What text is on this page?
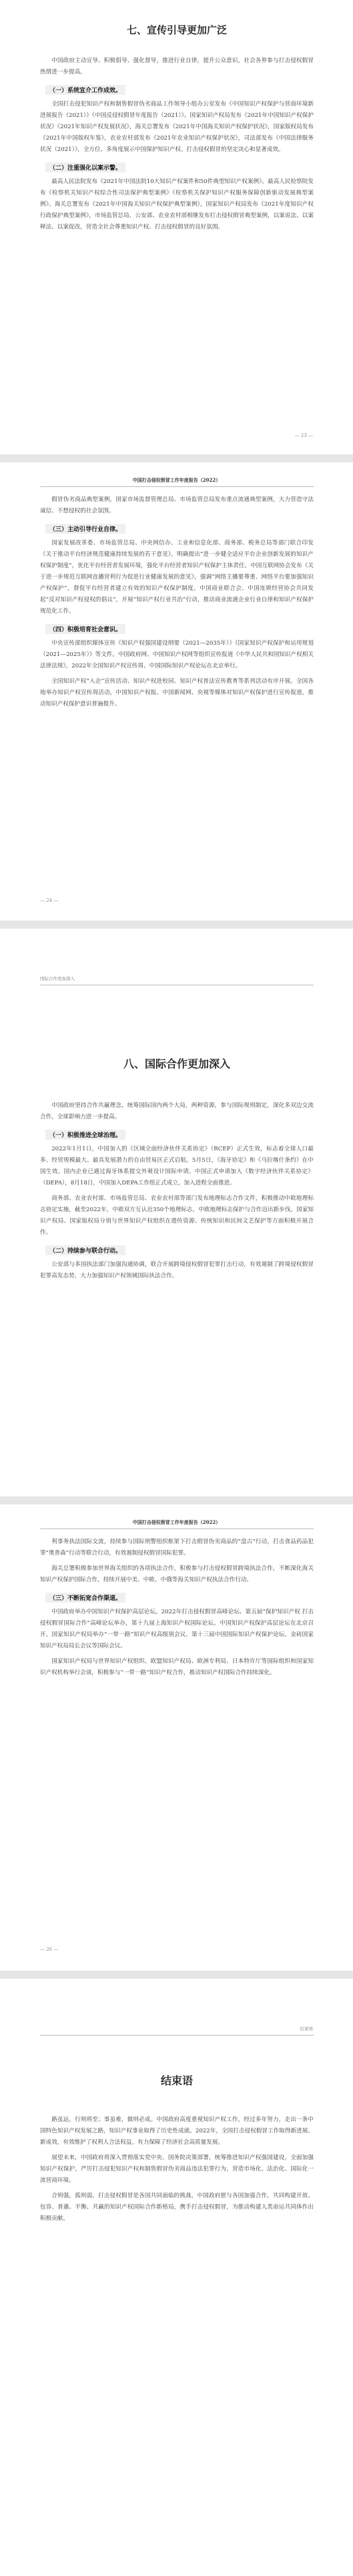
七、宣传引导更加广泛

中国政府主动宣导、积极倡导、强化督导，推进行业自律，提升公众意识，社会各界参与打击侵权假冒热情进一步提高。

（一）系统宣介工作成效。

全国打击侵犯知识产权和制售假冒伪劣商品工作领导小组办公室发布《中国知识产权保护与营商环境新进展报告（2021）》《中国反侵权假冒年度报告（2021）》。国家知识产权局发布《2021年中国知识产权保护状况》《2021年知识产权发展状况》，海关总署发布《2021年中国海关知识产权保护状况》，国家版权局发布《2021年中国版权年鉴》，农业农村部发布《2021年农业知识产权保护状况》，司法部发布《中国法律服务状况（2021）》，全方位、多角度展示中国保护知识产权、打击侵权假冒的坚定决心和显著成效。

（二）注重强化以案示警。

最高人民法院发布《2021年中国法院10大知识产权案件和50件典型知识产权案例》。最高人民检察院发布《检察机关知识产权综合性司法保护典型案例》《检察机关保护知识产权服务保障创新驱动发展典型案例》。海关总署发布《2021年中国海关知识产权保护典型案例》，国家知识产权局发布《2021年度知识产权行政保护典型案例》，市场监管总局、公安部、农业农村部相继发布打击侵权假冒典型案例，以案说法、以案释法、以案促改，营造全社会尊重知识产权、打击侵权假冒的良好氛围。

— 23 —
中国打击侵权假冒工作年度报告（2022）

假冒伪劣商品典型案例，国家市场监督管理总局、市场监管总局发布重点流通典型案例，大力营造守法诚信、不想侵权的社会氛围。

（三）主动引导行业自律。

国家发展改革委、市场监管总局、中央网信办、工业和信息化部、商务部、税务总局等部门联合印发《关于推动平台经济规范健康持续发展的若干意见》，明确提出“进一步健全适应平台企业创新发展的知识产权保护制度”，优化平台经营者发展环境，强化平台经营者知识产权保护主体责任。中国互联网协会发布《关于进一步规范互联网直播营利行为促进行业健康发展的意见》，强调“网络主播要尊重、网络平台要加强知识产权保护”，督促平台经营者建立有效的知识产权保护制度。中国商业联合会、中国连锁经营协会共同发起“反对知识产权侵权的倡议”，开展“知识产权行业共治”行动，推动商业流通企业行业自律和知识产权保护规范化工作。

（四）积极培育社会意识。

中央宣传部组织媒体宣传《知识产权强国建设纲要（2021—2035年）》《国家知识产权保护和运用规划（2021—2025年）》等文件。中国政府网、中国知识产权网等组织宣传报道《中华人民共和国知识产权相关法律法规》，2022年全国知识产权宣传周、中国国际知识产权论坛在北京举行。

全国知识产权“入企”宣传活动、知识产权进校园、知识产权普法宣传教育等系列活动有序开展。全国各地举办知识产权宣传周活动，中国知识产权报、中国新闻网、央视等媒体对知识产权保护进行宣传报道，推动知识产权保护意识普遍提升。

— 24 —
国际合作更加深入
八、国际合作更加深入

中国政府坚持合作共赢理念，统筹国际国内两个大局，两种资源，参与国际规则制定，深化多双边交流合作，全球影响力进一步提高。

（一）积极推进全球治理。

2022年1月1日，中国加入的《区域全面经济伙伴关系协定》（RCEP）正式生效，标志着全球人口最多、经贸规模最大、最具发展潜力的自由贸易区正式启航。5月5日，《海牙协定》和《马拉喀什条约》在中国生效。国内企业已通过海牙体系提交外观设计国际申请。中国正式申请加入《数字经济伙伴关系协定》（DEPA），8月18日，中国加入DEPA工作组正式成立，加入进程全面推进。

商务部、农业农村部、市场监管总局、农业农村部等部门发布地理标志合作文件，积极推动中欧地理标志协定实施，截至2022年，中欧双方互认近350个地理标志，中欧地理标志保护与合作迈出新步伐。国家知识产权局、国家版权局分别与世界知识产权组织在遗传资源、传统知识和民间文艺保护等方面积极开展合作。

（二）持续参与联合行动。

公安部与多国执法部门加强沟通协调，联合开展跨境侵权假冒犯罪打击行动，有效遏制了跨境侵权假冒犯罪高发态势，大力加强知识产权领域国际执法合作。

中国打击侵权假冒工作年度报告（2022）

利事务执法国际交流，持续参与国际刑警组织框架下打击假冒伪劣商品的“盘古”行动，打击食品药品犯罪“奥普森”行动等联合行动，有效遏制侵权假冒国际犯罪。

海关总署积极参加世界海关组织的各项执法合作，积极参与打击侵权假冒跨境执法合作，不断深化海关知识产权保护国际合作，持续开展中美、中欧、中俄等海关知识产权执法合作行动。

（三）不断拓宽合作渠道。

中国政府举办中国知识产权保护高层论坛。2022年打击侵权假冒高峰论坛、第五届“保护知识产权 打击侵权假冒国际合作”高峰论坛举办，第十九届上海知识产权国际论坛、中国知识产权保护高层论坛在北京召开。国家知识产权局举办“一带一路”知识产权高级别会议、第十三届中国国际知识产权保护论坛、金砖国家知识产权局局长会议等国际会议。

国家知识产权局与世界知识产权组织、欧盟知识产权局、欧洲专利局、日本特许厅等国际组织和国家知识产权机构举行会谈，积极参与“一带一路”知识产权合作，推动知识产权国际合作持续深化。

— 26 —
结束语
结束语

路虽远，行则将至；事虽难，做则必成。中国政府高度重视知识产权工作，经过多年努力，走出一条中国特色知识产权发展之路，知识产权事业取得了历史性成就。2022年，全国打击侵权假冒工作取得新进展、新成效，有效维护了权利人合法权益，有力保障了经济社会高质量发展。

展望未来，中国政府将深入贯彻落实党中央、国务院决策部署，统筹推进知识产权强国建设，全面加强知识产权保护，严厉打击侵犯知识产权和制售假冒伪劣商品违法犯罪行为，营造市场化、法治化、国际化一流营商环境。

合则强，孤则弱。打击侵权假冒是各国共同面临的挑战，中国政府愿与各国加强合作，共同构建开放、包容、普惠、平衡、共赢的知识产权国际合作新格局，携手打击侵权假冒，为推动构建人类命运共同体作出积极贡献。
